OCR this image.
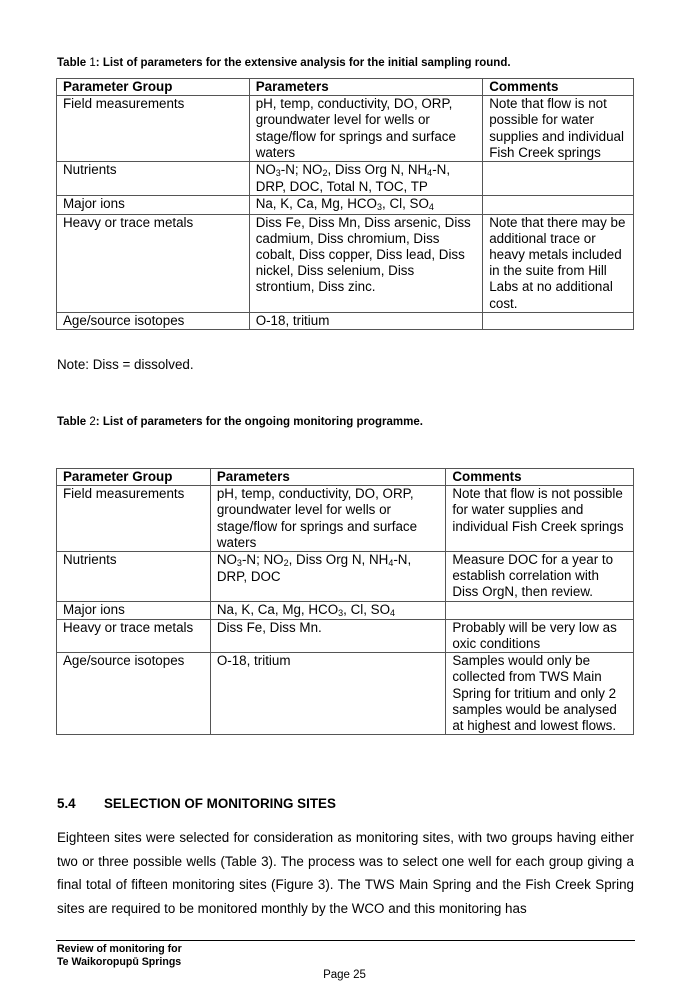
Table 1: List of parameters for the extensive analysis for the initial sampling round.
Parameter Group	Parameters	Comments
Field measurements	pH, temp, conductivity, DO, ORP, groundwater level for wells or stage/flow for springs and surface waters	Note that flow is not possible for water supplies and individual Fish Creek springs
Nutrients	$NO_3-N$; $NO_2$, Diss Org N, $NH_4-N$, DRP, DOC, Total N, TOC, TP	
Major ions	Na, K, Ca, Mg, $HCO_3$, Cl, $SO_4$	
Heavy or trace metals	Diss Fe, Diss Mn, Diss arsenic, Diss cadmium, Diss chromium, Diss cobalt, Diss copper, Diss lead, Diss nickel, Diss selenium, Diss strontium, Diss zinc.	Note that there may be additional trace or heavy metals included in the suite from Hill Labs at no additional cost.
Age/source isotopes	O-18, tritium	
Note: Diss = dissolved.
Table 2: List of parameters for the ongoing monitoring programme.
Parameter Group	Parameters	Comments
Field measurements	pH, temp, conductivity, DO, ORP, groundwater level for wells or stage/flow for springs and surface waters	Note that flow is not possible for water supplies and individual Fish Creek springs
Nutrients	$NO_3-N$; $NO_2$, Diss Org N, $NH_4-N$, DRP, DOC	Measure DOC for a year to establish correlation with Diss OrgN, then review.
Major ions	Na, K, Ca, Mg, $HCO_3$, Cl, $SO_4$	
Heavy or trace metals	Diss Fe, Diss Mn.	Probably will be very low as oxic conditions
Age/source isotopes	O-18, tritium	Samples would only be collected from TWS Main Spring for tritium and only 2 samples would be analysed at highest and lowest flows.
5.4 SELECTION OF MONITORING SITES
Eighteen sites were selected for consideration as monitoring sites, with two groups having either two or three possible wells (Table 3). The process was to select one well for each group giving a final total of fifteen monitoring sites (Figure 3). The TWS Main Spring and the Fish Creek Spring sites are required to be monitored monthly by the WCO and this monitoring has
Review of monitoring for
Te Waikoropupū Springs
Page 25
